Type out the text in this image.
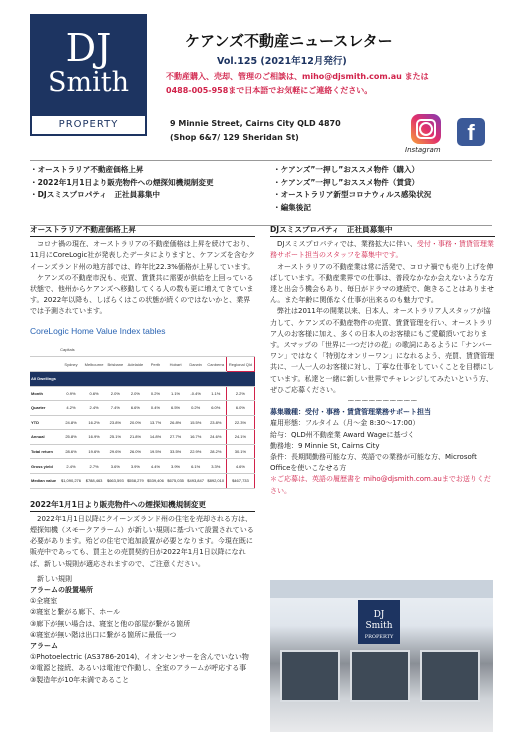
DJ
Smith
PROPERTY
ケアンズ不動産ニュースレター
Vol.125 (2021年12月発行)
不動産購入、売却、管理のご相談は、miho@djsmith.com.au または
0488-005-958まで日本語でお気軽にご連絡ください。
9 Minnie Street, Cairns City QLD 4870
(Shop 6&7/ 129 Sheridan St)
Instagram
f
・オーストラリア不動産価格上昇
・2022年1月1日より販売物件への煙探知機規制変更
・DJスミスプロパティ　正社員募集中
・ケアンズ”一押し”おススメ物件（購入）
・ケアンズ”一押し”おススメ物件（賃貸）
・オーストラリア新型コロナウィルス感染状況
・編集後記
オーストラリア不動産価格上昇

コロナ禍の現在、オーストラリアの不動産価格は上昇を続けており、11月にCoreLogic社が発表したデータによりますと、ケアンズを含むクイーンズランド州の地方部では、昨年比22.3%価格が上昇しています。

ケアンズの不動産市況も、売買、賃貸共に需要が供給を上回っている状態で、他州からケアンズへ移動してくる人の数も更に増えてきています。2022年以降も、しばらくはこの状態が続くのではないかと、業界では予測されています。

CoreLogic Home Value Index tables
	Capitals								
	Sydney	Melbourne	Brisbane	Adelaide	Perth	Hobart	Darwin	Canberra	Regional Qld
All Dwellings									
Month	0.9%	0.6%	2.0%	2.0%	0.2%	1.1%	-0.4%	1.1%	2.2%
Quarter	4.2%	2.4%	7.4%	6.6%	0.4%	6.5%	0.2%	6.0%	6.0%
YTD	24.8%	16.2%	23.8%	20.0%	13.7%	26.8%	15.5%	23.8%	22.3%
Annual	25.8%	16.9%	25.1%	21.8%	14.8%	27.7%	16.7%	24.6%	24.1%
Total return	28.6%	19.6%	29.6%	26.0%	19.5%	33.5%	22.9%	28.2%	30.1%
Gross yield	2.4%	2.7%	3.6%	3.9%	4.4%	3.9%	6.1%	3.3%	4.6%
Median value	$1,090,276	$788,463	$663,593	$558,279	$539,406	$675,035	$493,847	$892,010	$467,733
2022年1月1日より販売物件への煙探知機規制変更

2022年1月1日以降にクイーンズランド州の住宅を売却される方は、煙探知機（スモークアラーム）が新しい規則に基づいて設置されている必要があります。殆どの住宅で追加設置が必要となります。今現在既に販売中であっても、買主との売買契約日が2022年1月1日以降になれば、新しい規則が適応されますので、ご注意ください。

新しい規則
アラームの設置場所
①全寝室
②寝室と繋がる廊下、ホール
③廊下が無い場合は、寝室と他の部屋が繋がる箇所
④寝室が無い階は出口に繋がる箇所に最低一つ
アラーム
①Photoelectric (AS3786-2014)、イオンセンサーを含んでいない物
②電源と接続、あるいは電池で作動し、全室のアラームが呼応する事
③製造年が10年未満であること
DJスミスプロパティ　正社員募集中

DJスミスプロパティでは、業務拡大に伴い、受付・事務・賃貸管理業務サポート担当のスタッフを募集中です。

オーストラリアの不動産業は常に活発で、コロナ禍でも売り上げを伸ばしています。不動産業界での仕事は、普段なかなか会えないような方達と出会う機会もあり、毎日がドラマの連続で、飽きることはありません。また年齢に関係なく仕事が出来るのも魅力です。

弊社は2011年の開業以来、日本人、オーストラリア人スタッフが協力して、ケアンズの不動産物件の売買、賃貸管理を行い、オーストラリア人のお客様に加え、多くの日本人のお客様にもご愛顧頂いております。スマップの「世界に一つだけの花」の歌詞にあるように「ナンバーワン」ではなく「特別なオンリーワン」になれるよう、売買、賃貸管理共に、一人一人のお客様に対し、丁寧な仕事をしていくことを目標にしています。私達と一緒に新しい世界でチャレンジしてみたいという方、ぜひご応募ください。

ーーーーーーーーーー
募集職種：受付・事務・賃貸管理業務サポート担当
雇用形態：フルタイム（月～金 8:30～17:00）
給与：QLD州不動産業 Award Wageに基づく
勤務地：9 Minnie St, Cairns City
条件：長期間勤務可能な方、英語での業務が可能な方、Microsoft Officeを使いこなせる方
＊ご応募は、英語の履歴書を miho@djsmith.com.auまでお送りください。
DJ
Smith
PROPERTY
